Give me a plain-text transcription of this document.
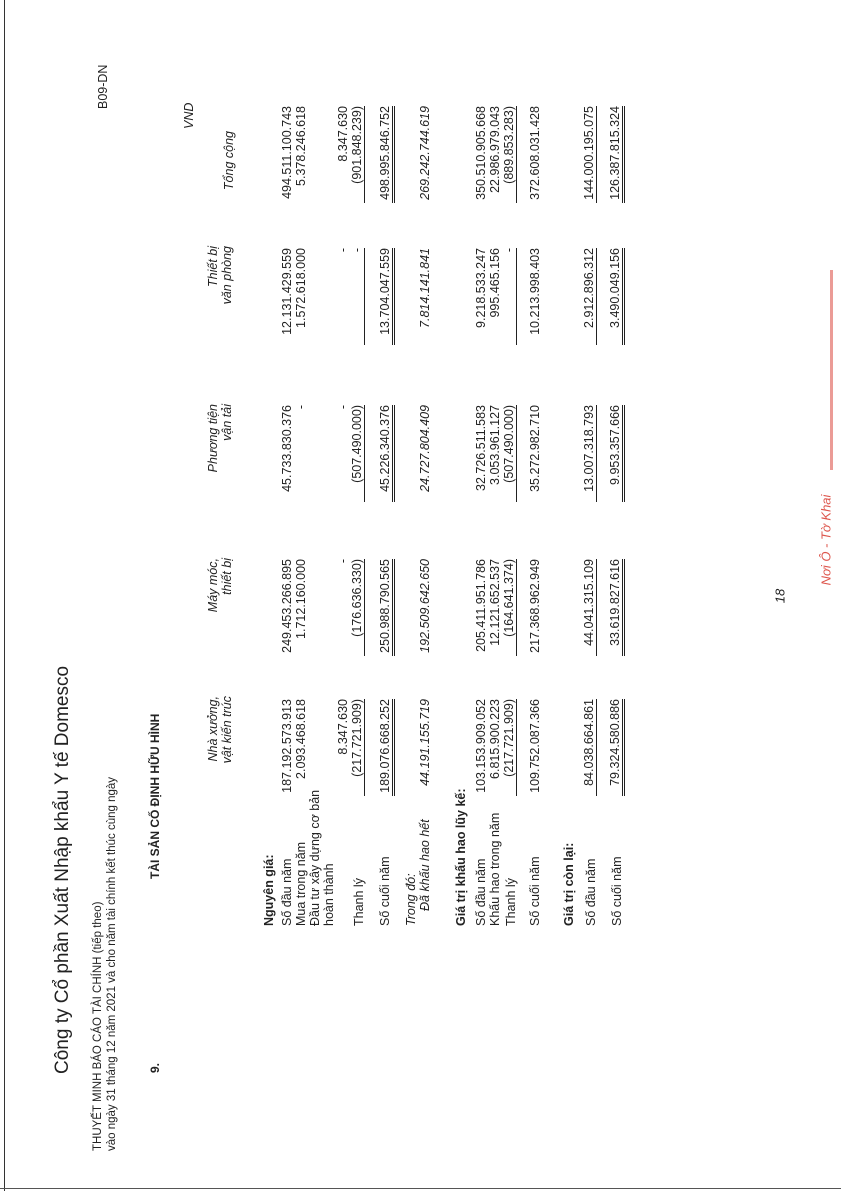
Công ty Cổ phần Xuất Nhập khẩu Y tế Domesco
B09-DN
THUYẾT MINH BÁO CÁO TÀI CHÍNH (tiếp theo) vào ngày 31 tháng 12 năm 2021 và cho năm tài chính kết thúc cùng ngày	9.
TÀI SẢN CỐ ĐỊNH HỮU HÌNH
VND
Nhà xưởng, vật kiến trúc
Máy móc, thiết bị
Phương tiện vận tải
Thiết bị văn phòng
Tổng cộng
Nguyên giá: Số đầu năm
187.192.573.913
249.453.266.895
45.733.830.376
12.131.429.559
494.511.100.743
Mua trong năm
2.093.468.618
1.712.160.000
-
1.572.618.000
5.378.246.618
Đầu tư xây dựng cơ bản hoàn thành
8.347.630
-
-
-
8.347.630
Thanh lý
(217.721.909)
(176.636.330)
(507.490.000)
-
(901.848.239)
Số cuối năm
189.076.668.252
250.988.790.565
45.226.340.376
13.704.047.559
498.995.846.752
Trong đó: Đã khấu hao hết
44.191.155.719
192.509.642.650
24.727.804.409
7.814.141.841
269.242.744.619
Giá trị khấu hao lũy kế: Số đầu năm
103.153.909.052
205.411.951.786
32.726.511.583
9.218.533.247
350.510.905.668
Khấu hao trong năm
6.815.900.223
12.121.652.537
3.053.961.127
995.465.156
22.986.979.043
Thanh lý
(217.721.909)
(164.641.374)
(507.490.000)
-
(889.853.283)
Số cuối năm
109.752.087.366
217.368.962.949
35.272.982.710
10.213.998.403
372.608.031.428
Giá trị còn lại: Số đầu năm
84.038.664.861
44.041.315.109
13.007.318.793
2.912.896.312
144.000.195.075
Số cuối năm
79.324.580.886
33.619.827.616
9.953.357.666
3.490.049.156
126.387.815.324
18
Nơi Ô - Tờ Khai
